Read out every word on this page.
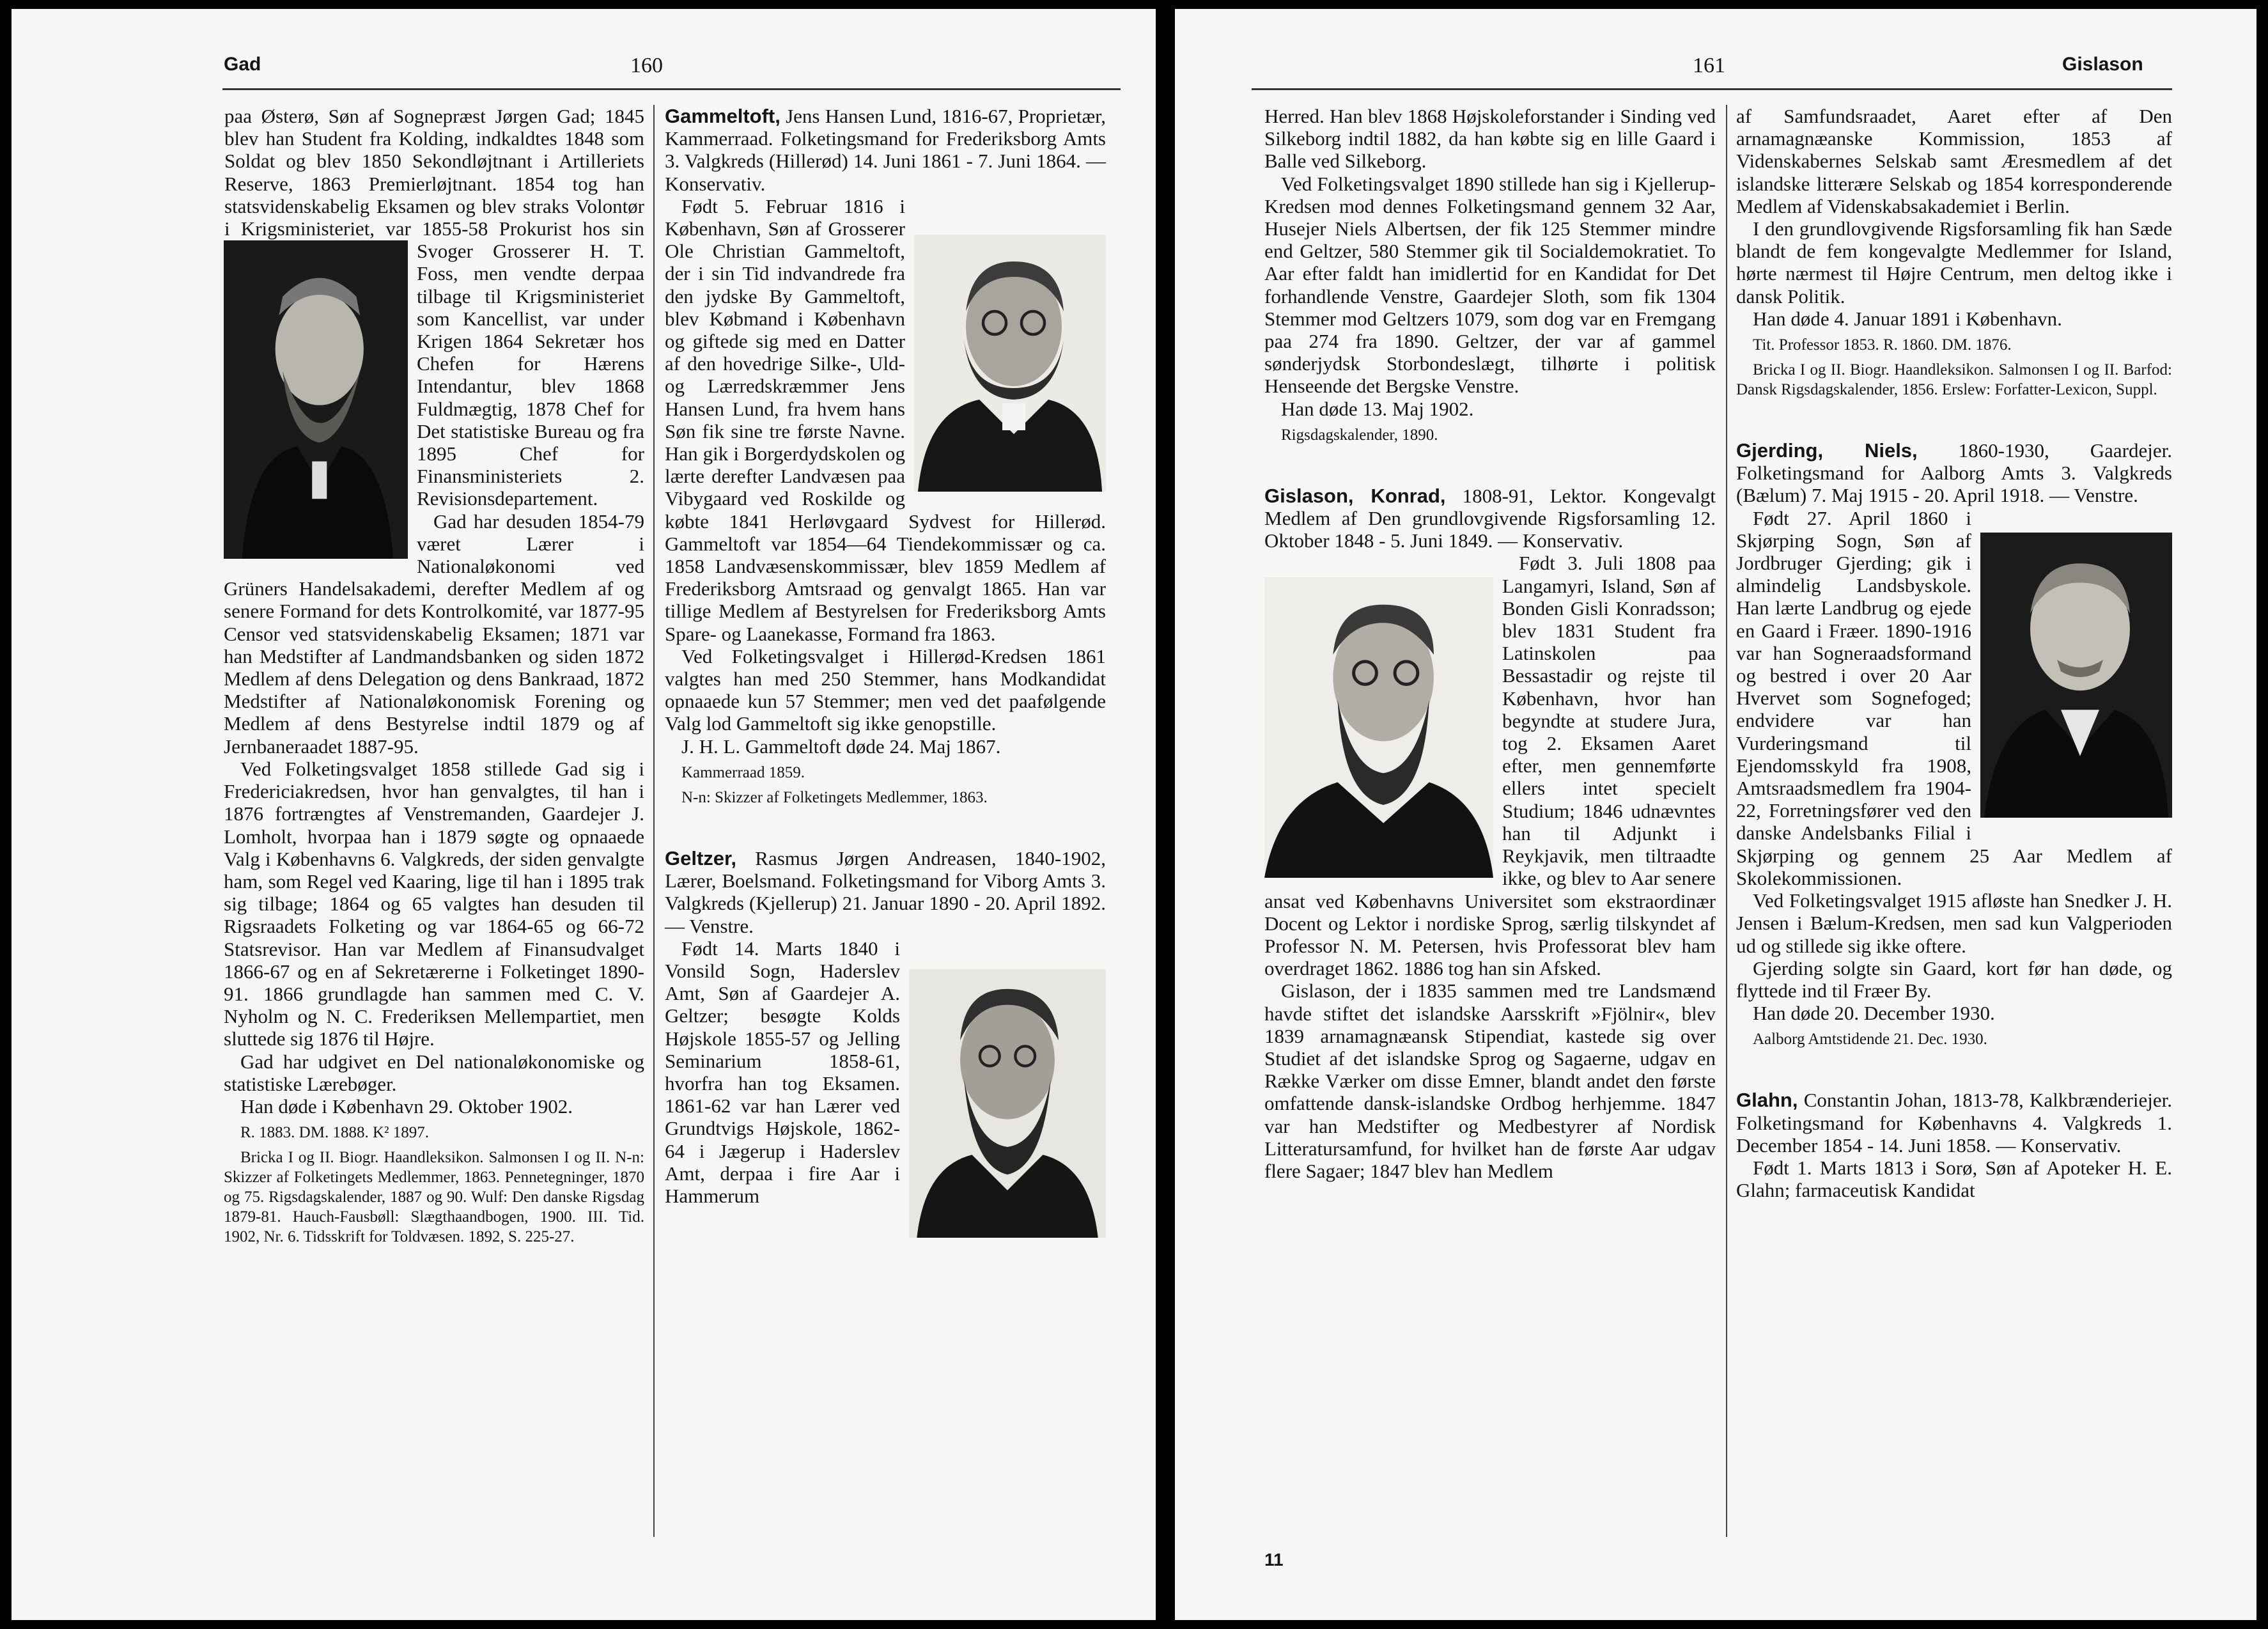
Gad	160

paa Østerø, Søn af Sognepræst Jørgen Gad; 1845 blev han Student fra Kolding, indkaldtes 1848 som Soldat og blev 1850 Sekondløjtnant i Artilleriets Reserve, 1863 Premierløjtnant. 1854 tog han statsvidenskabelig Eksamen og blev straks Volontør i Krigsministeriet, var 1855-58 Prokurist hos sin Svoger Grosserer H. T. Foss, men vendte derpaa tilbage til Krigsministeriet som Kancellist, var under Krigen 1864 Sekretær hos Chefen for Hærens Intendantur, blev 1868 Fuldmægtig, 1878 Chef for Det statistiske Bureau og fra 1895 Chef for Finansministeriets 2. Revisionsdepartement.

Gad har desuden 1854-79 været Lærer i Nationaløkonomi ved Grüners Handelsakademi, derefter Medlem af og senere Formand for dets Kontrolkomité, var 1877-95 Censor ved statsvidenskabelig Eksamen; 1871 var han Medstifter af Landmandsbanken og siden 1872 Medlem af dens Delegation og dens Bankraad, 1872 Medstifter af Nationaløkonomisk Forening og Medlem af dens Bestyrelse indtil 1879 og af Jernbaneraadet 1887-95.

Ved Folketingsvalget 1858 stillede Gad sig i Fredericiakredsen, hvor han genvalgtes, til han i 1876 fortrængtes af Venstremanden, Gaardejer J. Lomholt, hvorpaa han i 1879 søgte og opnaaede Valg i Københavns 6. Valgkreds, der siden genvalgte ham, som Regel ved Kaaring, lige til han i 1895 trak sig tilbage; 1864 og 65 valgtes han desuden til Rigsraadets Folketing og var 1864-65 og 66-72 Statsrevisor. Han var Medlem af Finansudvalget 1866-67 og en af Sekretærerne i Folketinget 1890-91. 1866 grundlagde han sammen med C. V. Nyholm og N. C. Frederiksen Mellempartiet, men sluttede sig 1876 til Højre.

Gad har udgivet en Del nationaløkonomiske og statistiske Lærebøger.

Han døde i København 29. Oktober 1902.

R. 1883. DM. 1888. K² 1897.

Bricka I og II. Biogr. Haandleksikon. Salmonsen I og II. N-n: Skizzer af Folketingets Medlemmer, 1863. Pennetegninger, 1870 og 75. Rigsdagskalender, 1887 og 90. Wulf: Den danske Rigsdag 1879-81. Hauch-Fausbøll: Slægthaandbogen, 1900. III. Tid. 1902, Nr. 6. Tidsskrift for Toldvæsen. 1892, S. 225-27.

Gammeltoft, Jens Hansen Lund, 1816-67, Proprietær, Kammerraad. Folketingsmand for Frederiksborg Amts 3. Valgkreds (Hillerød) 14. Juni 1861 - 7. Juni 1864. — Konservativ.

Født 5. Februar 1816 i København, Søn af Grosserer Ole Christian Gammeltoft, der i sin Tid indvandrede fra den jydske By Gammeltoft, blev Købmand i København og giftede sig med en Datter af den hovedrige Silke-, Uld- og Lærredskræmmer Jens Hansen Lund, fra hvem hans Søn fik sine tre første Navne. Han gik i Borgerdydskolen og lærte derefter Landvæsen paa Vibygaard ved Roskilde og købte 1841 Herløvgaard Sydvest for Hillerød. Gammeltoft var 1854—64 Tiendekommissær og ca. 1858 Landvæsenskommissær, blev 1859 Medlem af Frederiksborg Amtsraad og genvalgt 1865. Han var tillige Medlem af Bestyrelsen for Frederiksborg Amts Spare- og Laanekasse, Formand fra 1863.

Ved Folketingsvalget i Hillerød-Kredsen 1861 valgtes han med 250 Stemmer, hans Modkandidat opnaaede kun 57 Stemmer; men ved det paafølgende Valg lod Gammeltoft sig ikke genopstille.

J. H. L. Gammeltoft døde 24. Maj 1867.

Kammerraad 1859.

N-n: Skizzer af Folketingets Medlemmer, 1863.

Geltzer, Rasmus Jørgen Andreasen, 1840-1902, Lærer, Boelsmand. Folketingsmand for Viborg Amts 3. Valgkreds (Kjellerup) 21. Januar 1890 - 20. April 1892. — Venstre.

Født 14. Marts 1840 i Vonsild Sogn, Haderslev Amt, Søn af Gaardejer A. Geltzer; besøgte Kolds Højskole 1855-57 og Jelling Seminarium 1858-61, hvorfra han tog Eksamen. 1861-62 var han Lærer ved Grundtvigs Højskole, 1862-64 i Jægerup i Haderslev Amt, derpaa i fire Aar i Hammerum

161	Gislason

Herred. Han blev 1868 Højskoleforstander i Sinding ved Silkeborg indtil 1882, da han købte sig en lille Gaard i Balle ved Silkeborg.

Ved Folketingsvalget 1890 stillede han sig i Kjellerup-Kredsen mod dennes Folketingsmand gennem 32 Aar, Husejer Niels Albertsen, der fik 125 Stemmer mindre end Geltzer, 580 Stemmer gik til Socialdemokratiet. To Aar efter faldt han imidlertid for en Kandidat for Det forhandlende Venstre, Gaardejer Sloth, som fik 1304 Stemmer mod Geltzers 1079, som dog var en Fremgang paa 274 fra 1890. Geltzer, der var af gammel sønderjydsk Storbondeslægt, tilhørte i politisk Henseende det Bergske Venstre.

Han døde 13. Maj 1902.

Rigsdagskalender, 1890.

Gislason, Konrad, 1808-91, Lektor. Kongevalgt Medlem af Den grundlovgivende Rigsforsamling 12. Oktober 1848 - 5. Juni 1849. — Konservativ.

Født 3. Juli 1808 paa Langamyri, Island, Søn af Bonden Gisli Konradsson; blev 1831 Student fra Latinskolen paa Bessastadir og rejste til København, hvor han begyndte at studere Jura, tog 2. Eksamen Aaret efter, men gennemførte ellers intet specielt Studium; 1846 udnævntes han til Adjunkt i Reykjavik, men tiltraadte ikke, og blev to Aar senere ansat ved Københavns Universitet som ekstraordinær Docent og Lektor i nordiske Sprog, særlig tilskyndet af Professor N. M. Petersen, hvis Professorat blev ham overdraget 1862. 1886 tog han sin Afsked.

Gislason, der i 1835 sammen med tre Landsmænd havde stiftet det islandske Aarsskrift »Fjölnir«, blev 1839 arnamagnæansk Stipendiat, kastede sig over Studiet af det islandske Sprog og Sagaerne, udgav en Række Værker om disse Emner, blandt andet den første omfattende dansk-islandske Ordbog herhjemme. 1847 var han Medstifter og Medbestyrer af Nordisk Litteratursamfund, for hvilket han de første Aar udgav flere Sagaer; 1847 blev han Medlem

af Samfundsraadet, Aaret efter af Den arnamagnæanske Kommission, 1853 af Videnskabernes Selskab samt Æresmedlem af det islandske litterære Selskab og 1854 korresponderende Medlem af Videnskabsakademiet i Berlin.

I den grundlovgivende Rigsforsamling fik han Sæde blandt de fem kongevalgte Medlemmer for Island, hørte nærmest til Højre Centrum, men deltog ikke i dansk Politik.

Han døde 4. Januar 1891 i København.

Tit. Professor 1853. R. 1860. DM. 1876.

Bricka I og II. Biogr. Haandleksikon. Salmonsen I og II. Barfod: Dansk Rigsdagskalender, 1856. Erslew: Forfatter-Lexicon, Suppl.

Gjerding, Niels, 1860-1930, Gaardejer. Folketingsmand for Aalborg Amts 3. Valgkreds (Bælum) 7. Maj 1915 - 20. April 1918. — Venstre.

Født 27. April 1860 i Skjørping Sogn, Søn af Jordbruger Gjerding; gik i almindelig Landsbyskole. Han lærte Landbrug og ejede en Gaard i Fræer. 1890-1916 var han Sogneraadsformand og bestred i over 20 Aar Hvervet som Sognefoged; endvidere var han Vurderingsmand til Ejendomsskyld fra 1908, Amtsraadsmedlem fra 1904-22, Forretningsfører ved den danske Andelsbanks Filial i Skjørping og gennem 25 Aar Medlem af Skolekommissionen.

Ved Folketingsvalget 1915 afløste han Snedker J. H. Jensen i Bælum-Kredsen, men sad kun Valgperioden ud og stillede sig ikke oftere.

Gjerding solgte sin Gaard, kort før han døde, og flyttede ind til Fræer By.

Han døde 20. December 1930.

Aalborg Amtstidende 21. Dec. 1930.

Glahn, Constantin Johan, 1813-78, Kalkbrænderiejer. Folketingsmand for Københavns 4. Valgkreds 1. December 1854 - 14. Juni 1858. — Konservativ.

Født 1. Marts 1813 i Sorø, Søn af Apoteker H. E. Glahn; farmaceutisk Kandidat

11
